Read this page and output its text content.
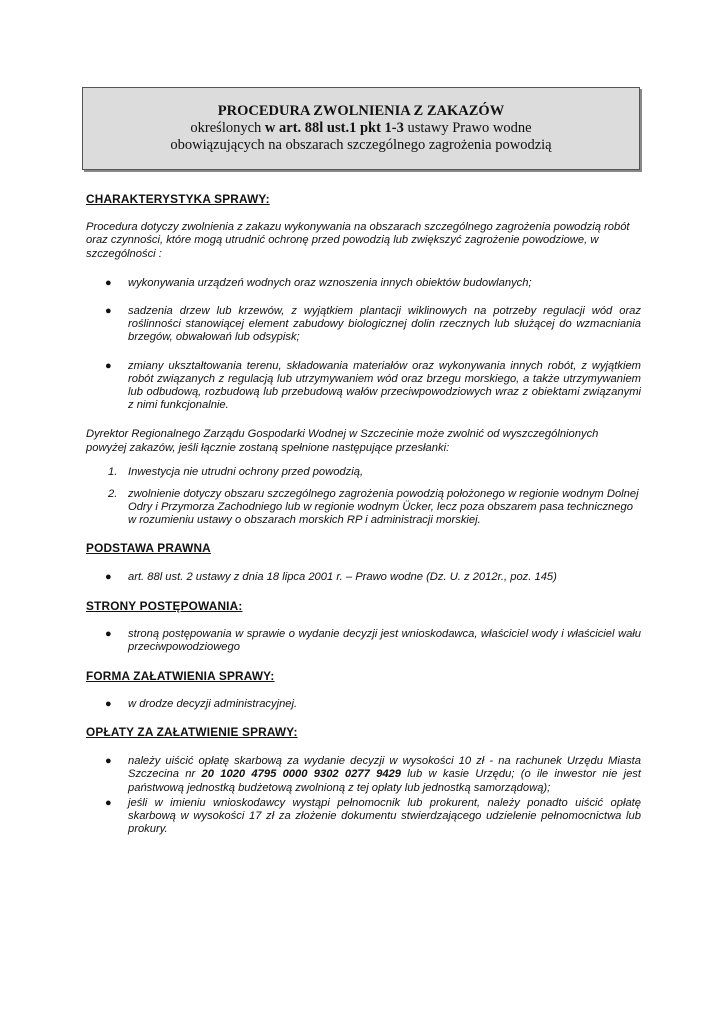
PROCEDURA ZWOLNIENIA Z ZAKAZÓW
określonych w art. 88l ust.1 pkt 1-3 ustawy Prawo wodne
obowiązujących na obszarach szczególnego zagrożenia powodzią

CHARAKTERYSTYKA SPRAWY:

Procedura dotyczy zwolnienia z zakazu wykonywania na obszarach szczególnego zagrożenia powodzią robót oraz czynności, które mogą utrudnić ochronę przed powodzią lub zwiększyć zagrożenie powodziowe, w szczególności :

● wykonywania urządzeń wodnych oraz wznoszenia innych obiektów budowlanych;
● sadzenia drzew lub krzewów, z wyjątkiem plantacji wiklinowych na potrzeby regulacji wód oraz roślinności stanowiącej element zabudowy biologicznej dolin rzecznych lub służącej do wzmacniania brzegów, obwałowań lub odsypisk;
● zmiany ukształtowania terenu, składowania materiałów oraz wykonywania innych robót, z wyjątkiem robót związanych z regulacją lub utrzymywaniem wód oraz brzegu morskiego, a także utrzymywaniem lub odbudową, rozbudową lub przebudową wałów przeciwpowodziowych wraz z obiektami związanymi z nimi funkcjonalnie.

Dyrektor Regionalnego Zarządu Gospodarki Wodnej w Szczecinie może zwolnić od wyszczególnionych powyżej zakazów, jeśli łącznie zostaną spełnione następujące przesłanki:

1. Inwestycja nie utrudni ochrony przed powodzią,
2. zwolnienie dotyczy obszaru szczególnego zagrożenia powodzią położonego w regionie wodnym Dolnej Odry i Przymorza Zachodniego lub w regionie wodnym Ücker, lecz poza obszarem pasa technicznego w rozumieniu ustawy o obszarach morskich RP i administracji morskiej.

PODSTAWA PRAWNA

● art. 88l ust. 2 ustawy z dnia 18 lipca 2001 r. – Prawo wodne (Dz. U. z 2012r., poz. 145)

STRONY POSTĘPOWANIA:

● stroną postępowania w sprawie o wydanie decyzji jest wnioskodawca, właściciel wody i właściciel wału przeciwpowodziowego

FORMA ZAŁATWIENIA SPRAWY:

● w drodze decyzji administracyjnej.

OPŁATY ZA ZAŁATWIENIE SPRAWY:

● należy uiścić opłatę skarbową za wydanie decyzji w wysokości 10 zł - na rachunek Urzędu Miasta Szczecina nr 20 1020 4795 0000 9302 0277 9429 lub w kasie Urzędu; (o ile inwestor nie jest państwową jednostką budżetową zwolnioną z tej opłaty lub jednostką samorządową);
● jeśli w imieniu wnioskodawcy wystąpi pełnomocnik lub prokurent, należy ponadto uiścić opłatę skarbową w wysokości 17 zł za złożenie dokumentu stwierdzającego udzielenie pełnomocnictwa lub prokury.
